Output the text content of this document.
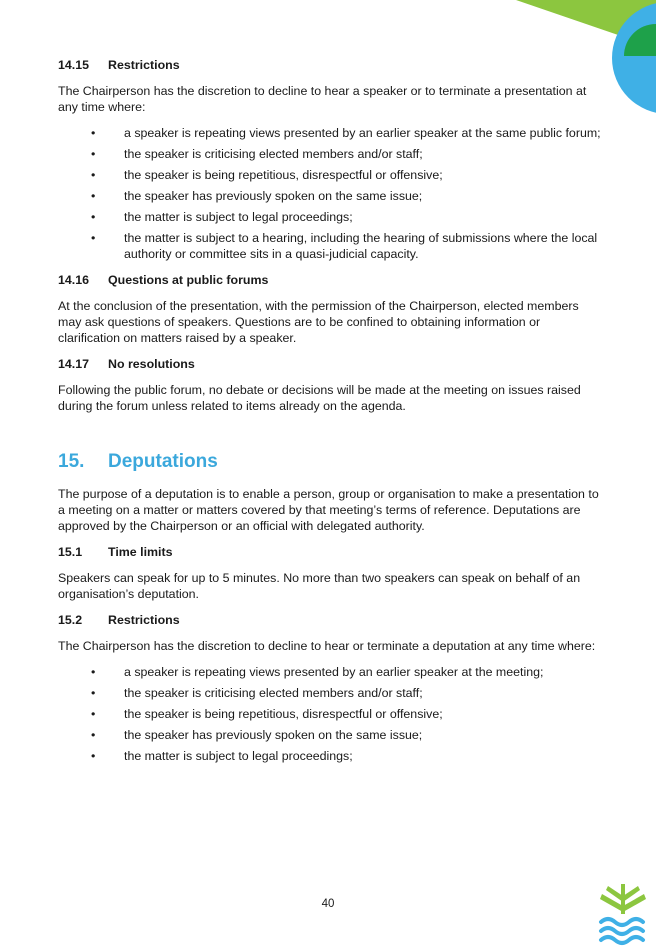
14.15 Restrictions

The Chairperson has the discretion to decline to hear a speaker or to terminate a presentation at any time where:

• a speaker is repeating views presented by an earlier speaker at the same public forum;
• the speaker is criticising elected members and/or staff;
• the speaker is being repetitious, disrespectful or offensive;
• the speaker has previously spoken on the same issue;
• the matter is subject to legal proceedings;
• the matter is subject to a hearing, including the hearing of submissions where the local authority or committee sits in a quasi-judicial capacity.
14.16 Questions at public forums

At the conclusion of the presentation, with the permission of the Chairperson, elected members may ask questions of speakers. Questions are to be confined to obtaining information or clarification on matters raised by a speaker.

14.17 No resolutions

Following the public forum, no debate or decisions will be made at the meeting on issues raised during the forum unless related to items already on the agenda.

15. Deputations

The purpose of a deputation is to enable a person, group or organisation to make a presentation to a meeting on a matter or matters covered by that meeting’s terms of reference. Deputations are approved by the Chairperson or an official with delegated authority.

15.1 Time limits

Speakers can speak for up to 5 minutes. No more than two speakers can speak on behalf of an organisation’s deputation.

15.2 Restrictions

The Chairperson has the discretion to decline to hear or terminate a deputation at any time where:

• a speaker is repeating views presented by an earlier speaker at the meeting;
• the speaker is criticising elected members and/or staff;
• the speaker is being repetitious, disrespectful or offensive;
• the speaker has previously spoken on the same issue;
• the matter is subject to legal proceedings;
40
